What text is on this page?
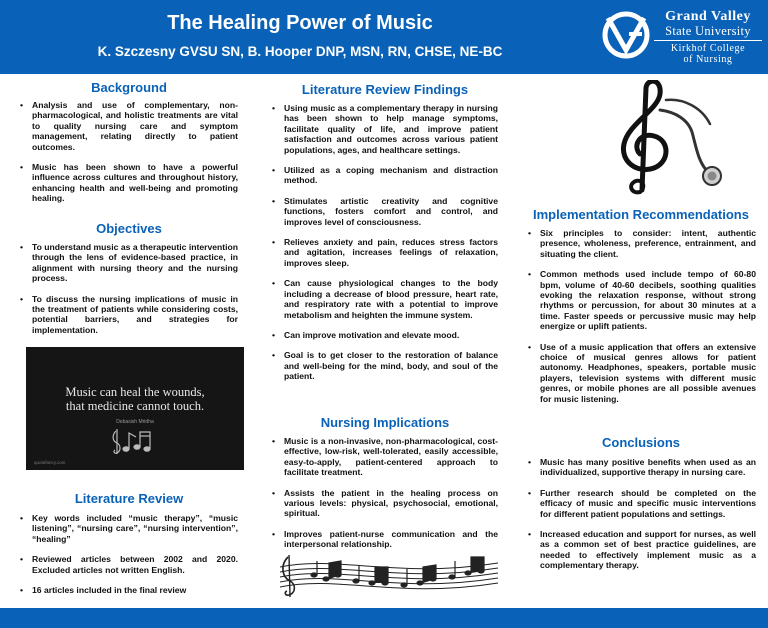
The Healing Power of Music
K. Szczesny GVSU SN, B. Hooper DNP, MSN, RN, CHSE, NE-BC
Grand Valley
State University
Kirkhof College
of Nursing
Background
• Analysis and use of complementary, non-pharmacological, and holistic treatments are vital to quality nursing care and symptom management, relating directly to patient outcomes.
• Music has been shown to have a powerful influence across cultures and throughout history, enhancing health and well-being and promoting healing.
Objectives
• To understand music as a therapeutic intervention through the lens of evidence-based practice, in alignment with nursing theory and the nursing process.
• To discuss the nursing implications of music in the treatment of patients while considering costs, potential barriers, and strategies for implementation.
Music can heal the wounds,
that medicine cannot touch.
Debasish Mridha
quotefancy.com
Literature Review
• Key words included “music therapy”, “music listening”, “nursing care”, “nursing intervention”, “healing”
• Reviewed articles between 2002 and 2020. Excluded articles not written English.
• 16 articles included in the final review
Literature Review Findings
• Using music as a complementary therapy in nursing has been shown to help manage symptoms, facilitate quality of life, and improve patient satisfaction and outcomes across various patient populations, ages, and healthcare settings.
• Utilized as a coping mechanism and distraction method.
• Stimulates artistic creativity and cognitive functions, fosters comfort and control, and improves level of consciousness.
• Relieves anxiety and pain, reduces stress factors and agitation, increases feelings of relaxation, improves sleep.
• Can cause physiological changes to the body including a decrease of blood pressure, heart rate, and respiratory rate with a potential to improve metabolism and heighten the immune system.
• Can improve motivation and elevate mood.
• Goal is to get closer to the restoration of balance and well-being for the mind, body, and soul of the patient.
Nursing Implications
• Music is a non-invasive, non-pharmacological, cost-effective, low-risk, well-tolerated, easily accessible, easy-to-apply, patient-centered approach to facilitate treatment.
• Assists the patient in the healing process on various levels: physical, psychosocial, emotional, spiritual.
• Improves patient-nurse communication and the interpersonal relationship.
Implementation Recommendations
• Six principles to consider: intent, authentic presence, wholeness, preference, entrainment, and situating the client.
• Common methods used include tempo of 60-80 bpm, volume of 40-60 decibels, soothing qualities evoking the relaxation response, without strong rhythms or percussion, for about 30 minutes at a time. Faster speeds or percussive music may help energize or uplift patients.
• Use of a music application that offers an extensive choice of musical genres allows for patient autonomy. Headphones, speakers, portable music players, television systems with different music genres, or mobile phones are all possible avenues for music listening.
Conclusions
• Music has many positive benefits when used as an individualized, supportive therapy in nursing care.
• Further research should be completed on the efficacy of music and specific music interventions for different patient populations and settings.
• Increased education and support for nurses, as well as a common set of best practice guidelines, are needed to effectively implement music as a complementary therapy.
